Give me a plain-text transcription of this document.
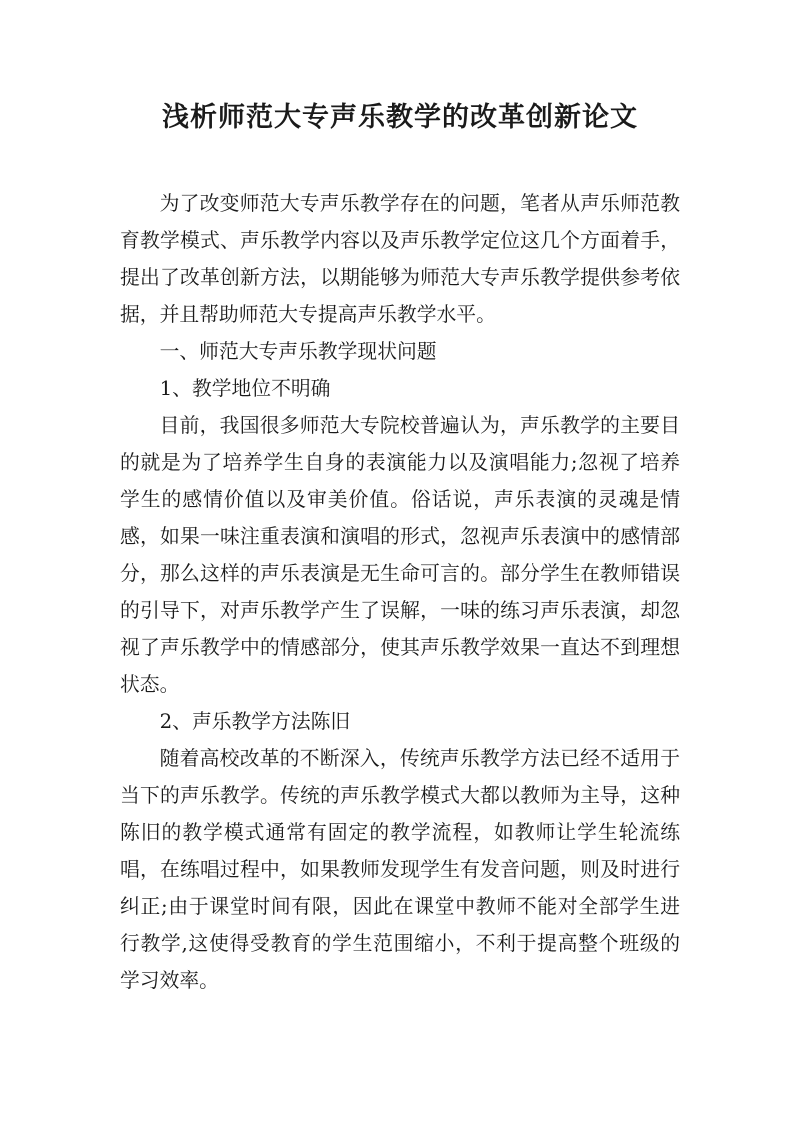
浅析师范大专声乐教学的改革创新论文

为了改变师范大专声乐教学存在的问题，笔者从声乐师范教育教学模式、声乐教学内容以及声乐教学定位这几个方面着手，提出了改革创新方法，以期能够为师范大专声乐教学提供参考依据，并且帮助师范大专提高声乐教学水平。

一、师范大专声乐教学现状问题

1、教学地位不明确

目前，我国很多师范大专院校普遍认为，声乐教学的主要目的就是为了培养学生自身的表演能力以及演唱能力;忽视了培养学生的感情价值以及审美价值。俗话说，声乐表演的灵魂是情感，如果一味注重表演和演唱的形式，忽视声乐表演中的感情部分，那么这样的声乐表演是无生命可言的。部分学生在教师错误的引导下，对声乐教学产生了误解，一味的练习声乐表演，却忽视了声乐教学中的情感部分，使其声乐教学效果一直达不到理想状态。

2、声乐教学方法陈旧

随着高校改革的不断深入，传统声乐教学方法已经不适用于当下的声乐教学。传统的声乐教学模式大都以教师为主导，这种陈旧的教学模式通常有固定的教学流程，如教师让学生轮流练唱，在练唱过程中，如果教师发现学生有发音问题，则及时进行纠正;由于课堂时间有限，因此在课堂中教师不能对全部学生进行教学,这使得受教育的学生范围缩小，不利于提高整个班级的学习效率。
